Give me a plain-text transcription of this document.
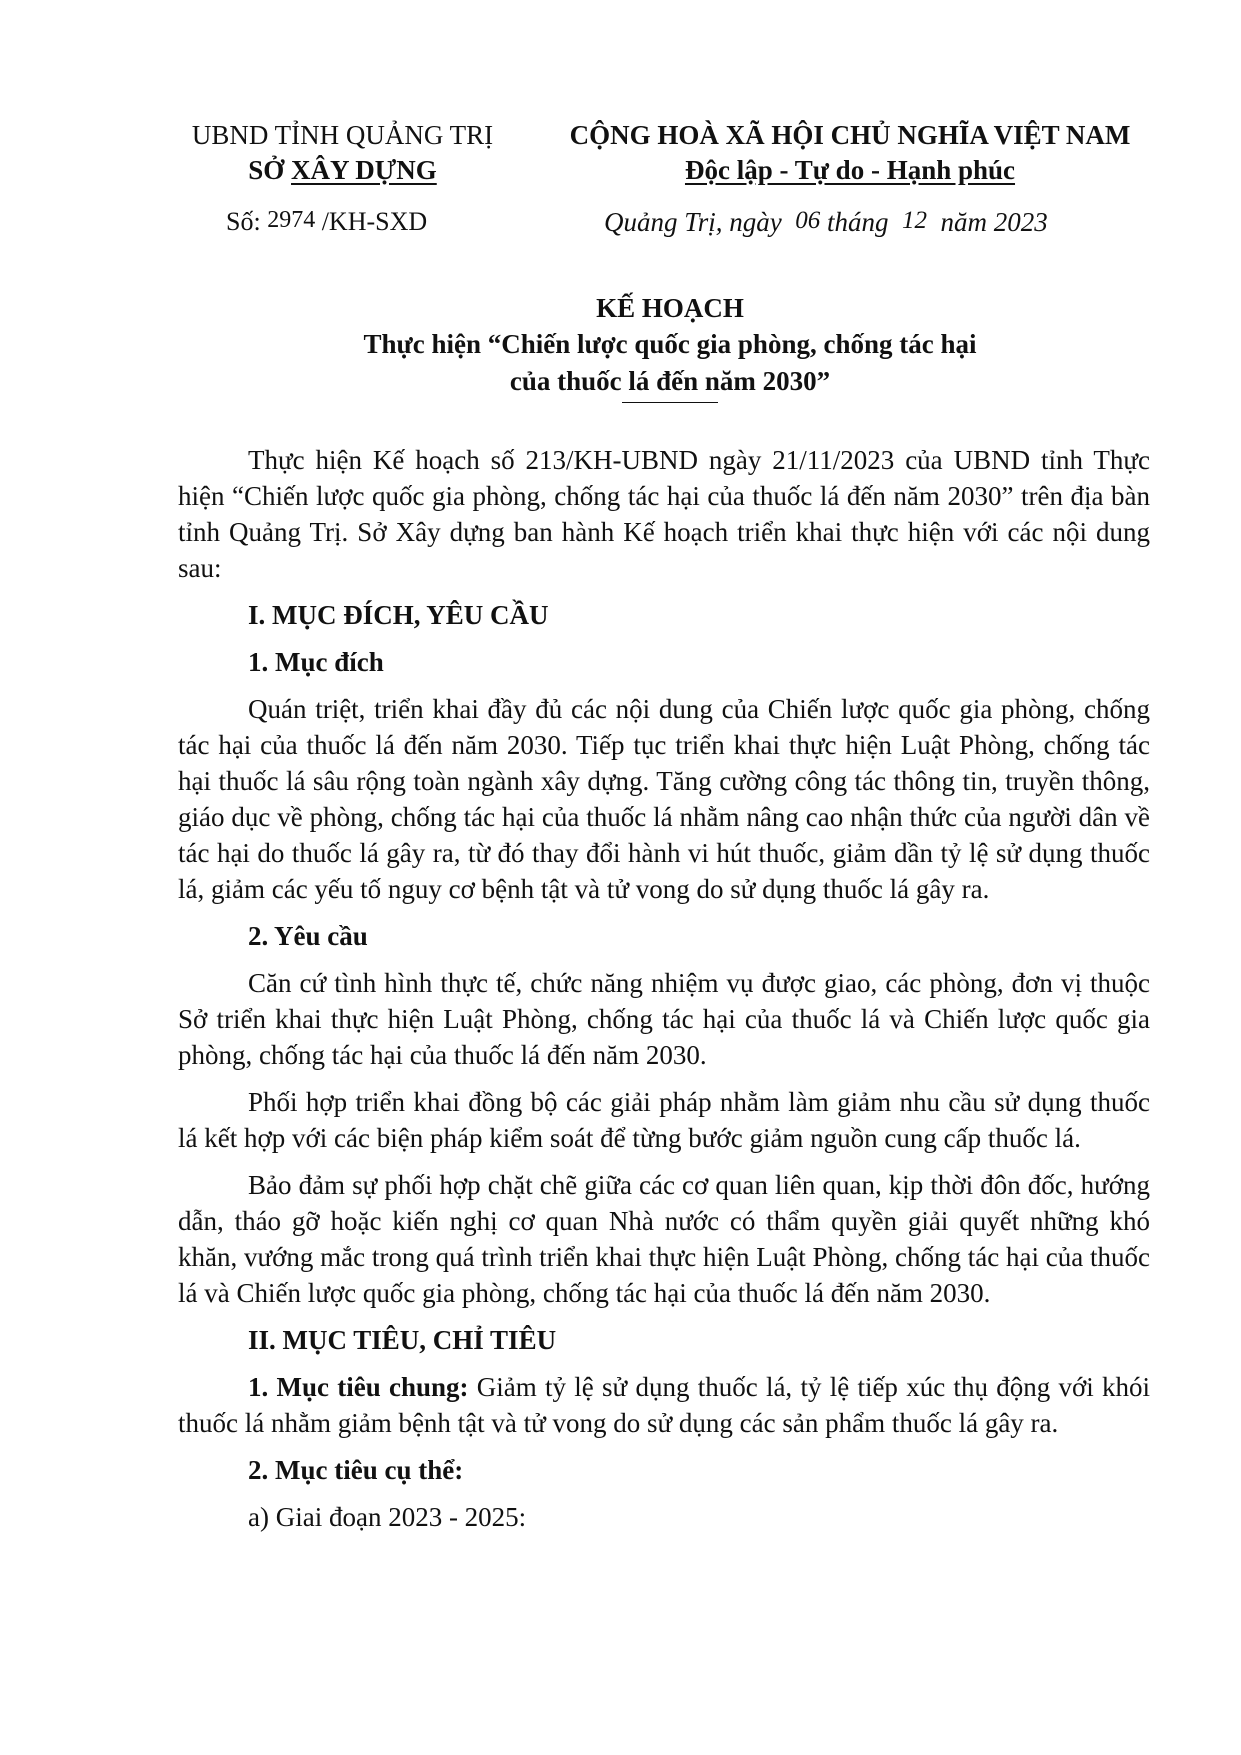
UBND TỈNH QUẢNG TRỊ
SỞ XÂY DỰNG
CỘNG HOÀ XÃ HỘI CHỦ NGHĨA VIỆT NAM
Độc lập - Tự do - Hạnh phúc
Số: 2974 /KH-SXD	Quảng Trị, ngày 06 tháng 12 năm 2023
KẾ HOẠCH
Thực hiện “Chiến lược quốc gia phòng, chống tác hại
của thuốc lá đến năm 2030”

Thực hiện Kế hoạch số 213/KH-UBND ngày 21/11/2023 của UBND tỉnh Thực hiện “Chiến lược quốc gia phòng, chống tác hại của thuốc lá đến năm 2030” trên địa bàn tỉnh Quảng Trị. Sở Xây dựng ban hành Kế hoạch triển khai thực hiện với các nội dung sau:

I. MỤC ĐÍCH, YÊU CẦU
1. Mục đích

Quán triệt, triển khai đầy đủ các nội dung của Chiến lược quốc gia phòng, chống tác hại của thuốc lá đến năm 2030. Tiếp tục triển khai thực hiện Luật Phòng, chống tác hại thuốc lá sâu rộng toàn ngành xây dựng. Tăng cường công tác thông tin, truyền thông, giáo dục về phòng, chống tác hại của thuốc lá nhằm nâng cao nhận thức của người dân về tác hại do thuốc lá gây ra, từ đó thay đổi hành vi hút thuốc, giảm dần tỷ lệ sử dụng thuốc lá, giảm các yếu tố nguy cơ bệnh tật và tử vong do sử dụng thuốc lá gây ra.

2. Yêu cầu

Căn cứ tình hình thực tế, chức năng nhiệm vụ được giao, các phòng, đơn vị thuộc Sở triển khai thực hiện Luật Phòng, chống tác hại của thuốc lá và Chiến lược quốc gia phòng, chống tác hại của thuốc lá đến năm 2030.

Phối hợp triển khai đồng bộ các giải pháp nhằm làm giảm nhu cầu sử dụng thuốc lá kết hợp với các biện pháp kiểm soát để từng bước giảm nguồn cung cấp thuốc lá.

Bảo đảm sự phối hợp chặt chẽ giữa các cơ quan liên quan, kịp thời đôn đốc, hướng dẫn, tháo gỡ hoặc kiến nghị cơ quan Nhà nước có thẩm quyền giải quyết những khó khăn, vướng mắc trong quá trình triển khai thực hiện Luật Phòng, chống tác hại của thuốc lá và Chiến lược quốc gia phòng, chống tác hại của thuốc lá đến năm 2030.

II. MỤC TIÊU, CHỈ TIÊU

1. Mục tiêu chung: Giảm tỷ lệ sử dụng thuốc lá, tỷ lệ tiếp xúc thụ động với khói thuốc lá nhằm giảm bệnh tật và tử vong do sử dụng các sản phẩm thuốc lá gây ra.

2. Mục tiêu cụ thể:

a) Giai đoạn 2023 - 2025:
